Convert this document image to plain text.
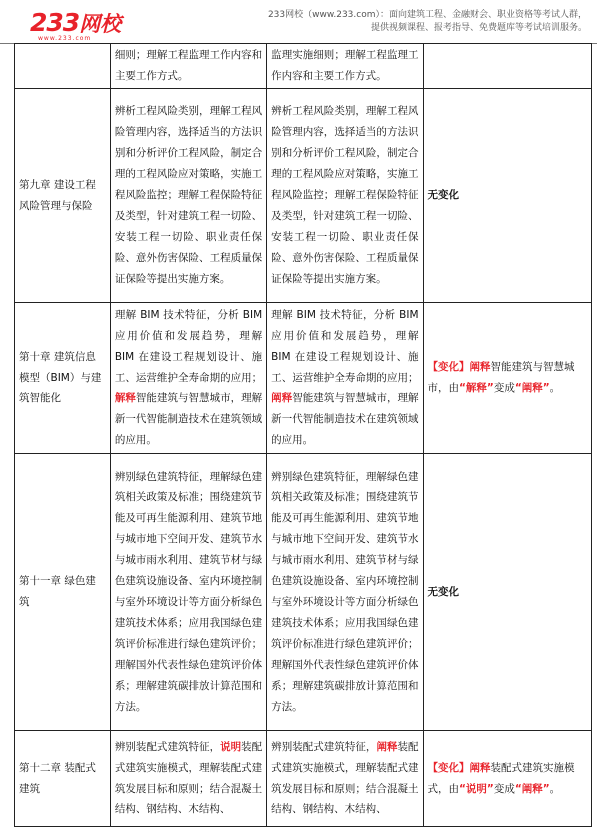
233网校
www.233.com
233网校（www.233.com）：面向建筑工程、金融财会、职业资格等考试人群，
提供视频课程、报考指导、免费题库等考试培训服务。
	细则；理解工程监理工作内容和主要工作方式。	监理实施细则；理解工程监理工作内容和主要工作方式。	
第九章 建设工程风险管理与保险	辨析工程风险类别，理解工程风险管理内容，选择适当的方法识别和分析评价工程风险，制定合理的工程风险应对策略，实施工程风险监控；理解工程保险特征及类型，针对建筑工程一切险、安装工程一切险、职业责任保险、意外伤害保险、工程质量保证保险等提出实施方案。	辨析工程风险类别，理解工程风险管理内容，选择适当的方法识别和分析评价工程风险，制定合理的工程风险应对策略，实施工程风险监控；理解工程保险特征及类型，针对建筑工程一切险、安装工程一切险、职业责任保险、意外伤害保险、工程质量保证保险等提出实施方案。	无变化
第十章 建筑信息模型（BIM）与建筑智能化	理解 BIM 技术特征，分析 BIM 应用价值和发展趋势，理解 BIM 在建设工程规划设计、施工、运营维护全寿命期的应用；解释智能建筑与智慧城市，理解新一代智能制造技术在建筑领域的应用。	理解 BIM 技术特征，分析 BIM 应用价值和发展趋势，理解 BIM 在建设工程规划设计、施工、运营维护全寿命期的应用；阐释智能建筑与智慧城市，理解新一代智能制造技术在建筑领域的应用。	【变化】阐释智能建筑与智慧城市，由“解释”变成“阐释”。
第十一章 绿色建筑	辨别绿色建筑特征，理解绿色建筑相关政策及标准；围绕建筑节能及可再生能源利用、建筑节地与城市地下空间开发、建筑节水与城市雨水利用、建筑节材与绿色建筑设施设备、室内环境控制与室外环境设计等方面分析绿色建筑技术体系；应用我国绿色建筑评价标准进行绿色建筑评价；理解国外代表性绿色建筑评价体系；理解建筑碳排放计算范围和方法。	辨别绿色建筑特征，理解绿色建筑相关政策及标准；围绕建筑节能及可再生能源利用、建筑节地与城市地下空间开发、建筑节水与城市雨水利用、建筑节材与绿色建筑设施设备、室内环境控制与室外环境设计等方面分析绿色建筑技术体系；应用我国绿色建筑评价标准进行绿色建筑评价；理解国外代表性绿色建筑评价体系；理解建筑碳排放计算范围和方法。	无变化
第十二章 装配式建筑	辨别装配式建筑特征，说明装配式建筑实施模式，理解装配式建筑发展目标和原则；结合混凝土结构、钢结构、木结构、	辨别装配式建筑特征，阐释装配式建筑实施模式，理解装配式建筑发展目标和原则；结合混凝土结构、钢结构、木结构、	【变化】阐释装配式建筑实施模式，由“说明”变成“阐释”。
